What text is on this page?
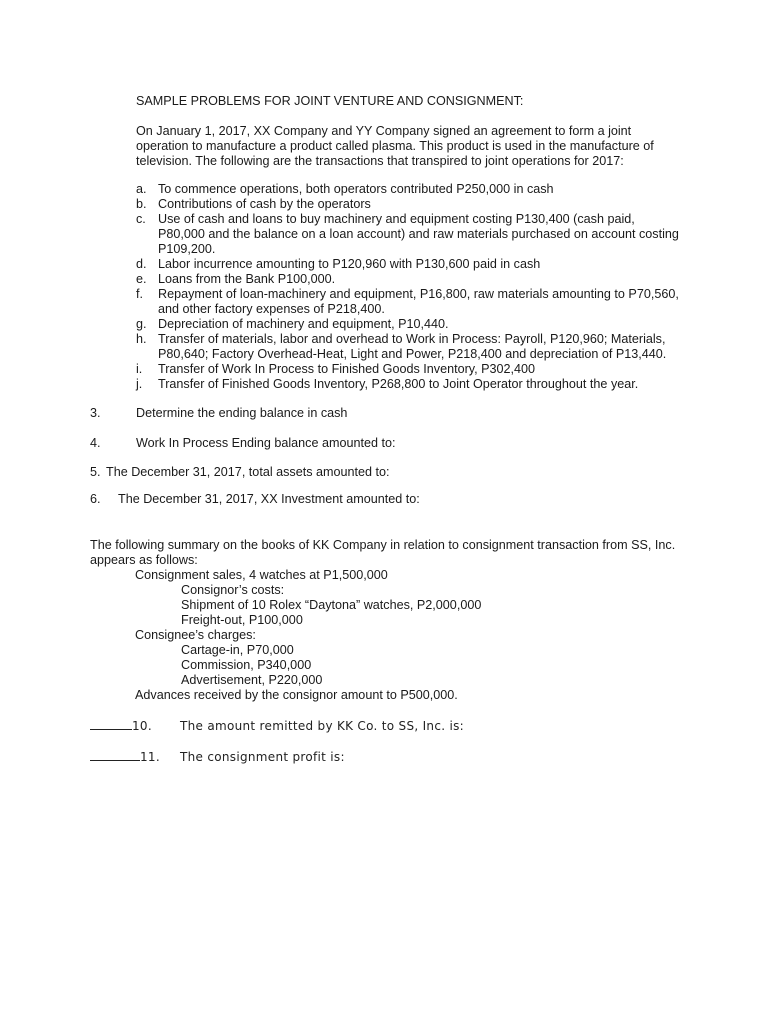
SAMPLE PROBLEMS FOR JOINT VENTURE AND CONSIGNMENT:
On January 1, 2017, XX Company and YY Company signed an agreement to form a joint
operation to manufacture a product called plasma. This product is used in the manufacture of
television. The following are the transactions that transpired to joint operations for 2017:
a. To commence operations, both operators contributed P250,000 in cash
b. Contributions of cash by the operators
c. Use of cash and loans to buy machinery and equipment costing P130,400 (cash paid,
P80,000 and the balance on a loan account) and raw materials purchased on account costing
P109,200.
d. Labor incurrence amounting to P120,960 with P130,600 paid in cash
e. Loans from the Bank P100,000.
f. Repayment of loan-machinery and equipment, P16,800, raw materials amounting to P70,560,
and other factory expenses of P218,400.
g. Depreciation of machinery and equipment, P10,440.
h. Transfer of materials, labor and overhead to Work in Process: Payroll, P120,960; Materials,
P80,640; Factory Overhead-Heat, Light and Power, P218,400 and depreciation of P13,440.
i. Transfer of Work In Process to Finished Goods Inventory, P302,400
j. Transfer of Finished Goods Inventory, P268,800 to Joint Operator throughout the year.
3.	Determine the ending balance in cash
4.	Work In Process Ending balance amounted to:
5. The December 31, 2017, total assets amounted to:
6. The December 31, 2017, XX Investment amounted to:
The following summary on the books of KK Company in relation to consignment transaction from SS, Inc.
appears as follows:
Consignment sales, 4 watches at P1,500,000
Consignor’s costs:
Shipment of 10 Rolex “Daytona” watches, P2,000,000
Freight-out, P100,000
Consignee’s charges:
Cartage-in, P70,000
Commission, P340,000
Advertisement, P220,000
Advances received by the consignor amount to P500,000.
10. The amount remitted by KK Co. to SS, Inc. is:
11. The consignment profit is:
